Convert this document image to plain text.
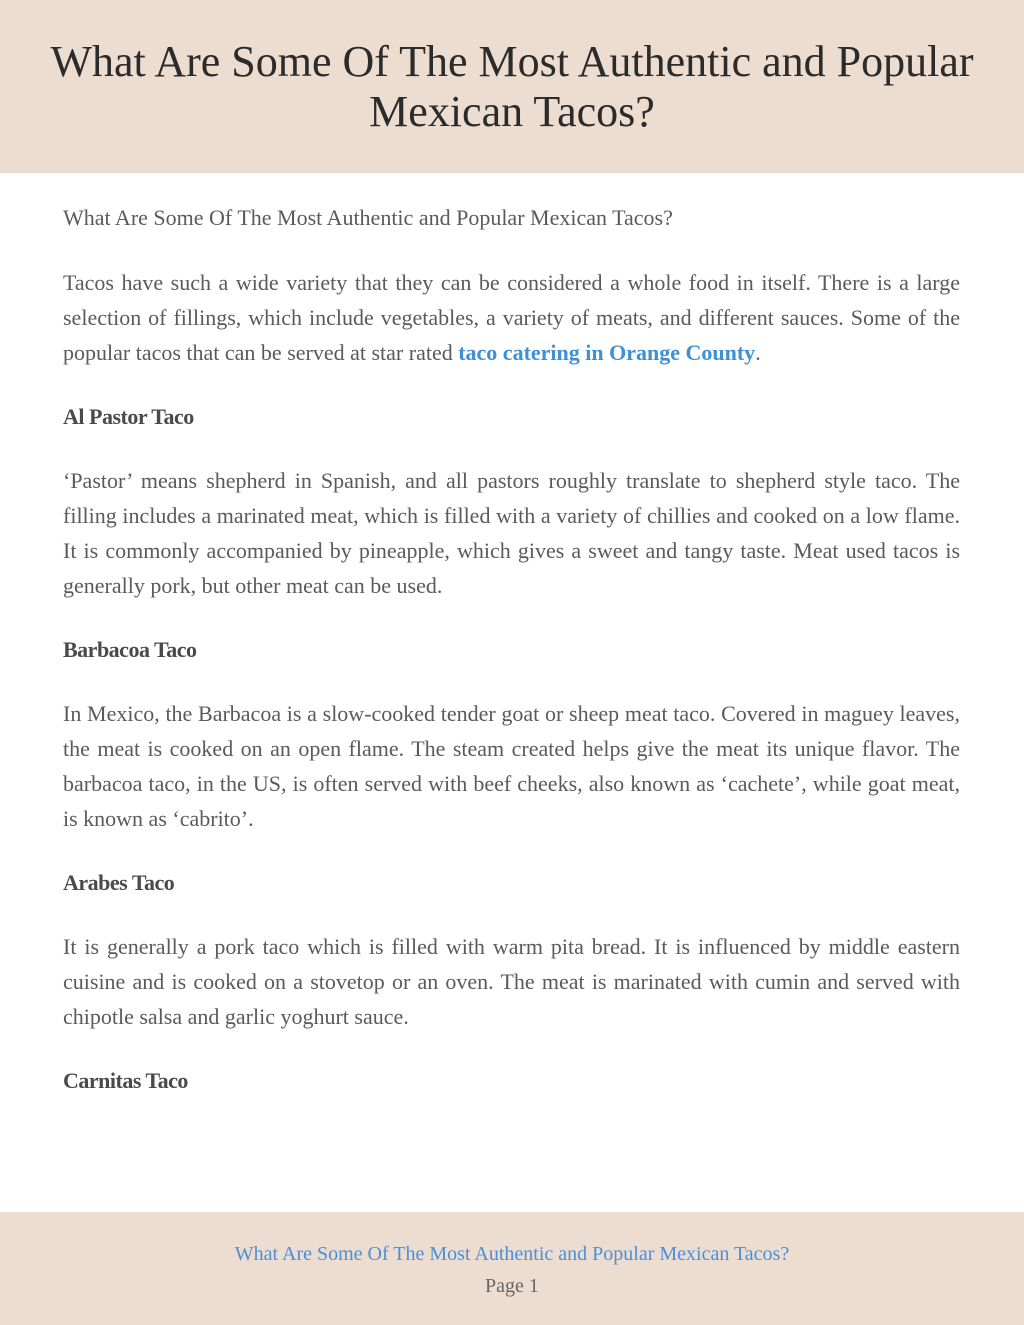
What Are Some Of The Most Authentic and Popular Mexican Tacos?

What Are Some Of The Most Authentic and Popular Mexican Tacos?

Tacos have such a wide variety that they can be considered a whole food in itself. There is a large selection of fillings, which include vegetables, a variety of meats, and different sauces. Some of the popular tacos that can be served at star rated taco catering in Orange County.

Al Pastor Taco

‘Pastor’ means shepherd in Spanish, and all pastors roughly translate to shepherd style taco. The filling includes a marinated meat, which is filled with a variety of chillies and cooked on a low flame. It is commonly accompanied by pineapple, which gives a sweet and tangy taste. Meat used tacos is generally pork, but other meat can be used.

Barbacoa Taco

In Mexico, the Barbacoa is a slow-cooked tender goat or sheep meat taco. Covered in maguey leaves, the meat is cooked on an open flame. The steam created helps give the meat its unique flavor. The barbacoa taco, in the US, is often served with beef cheeks, also known as ‘cachete’, while goat meat, is known as ‘cabrito’.

Arabes Taco

It is generally a pork taco which is filled with warm pita bread. It is influenced by middle eastern cuisine and is cooked on a stovetop or an oven. The meat is marinated with cumin and served with chipotle salsa and garlic yoghurt sauce.

Carnitas Taco
What Are Some Of The Most Authentic and Popular Mexican Tacos?
Page 1
